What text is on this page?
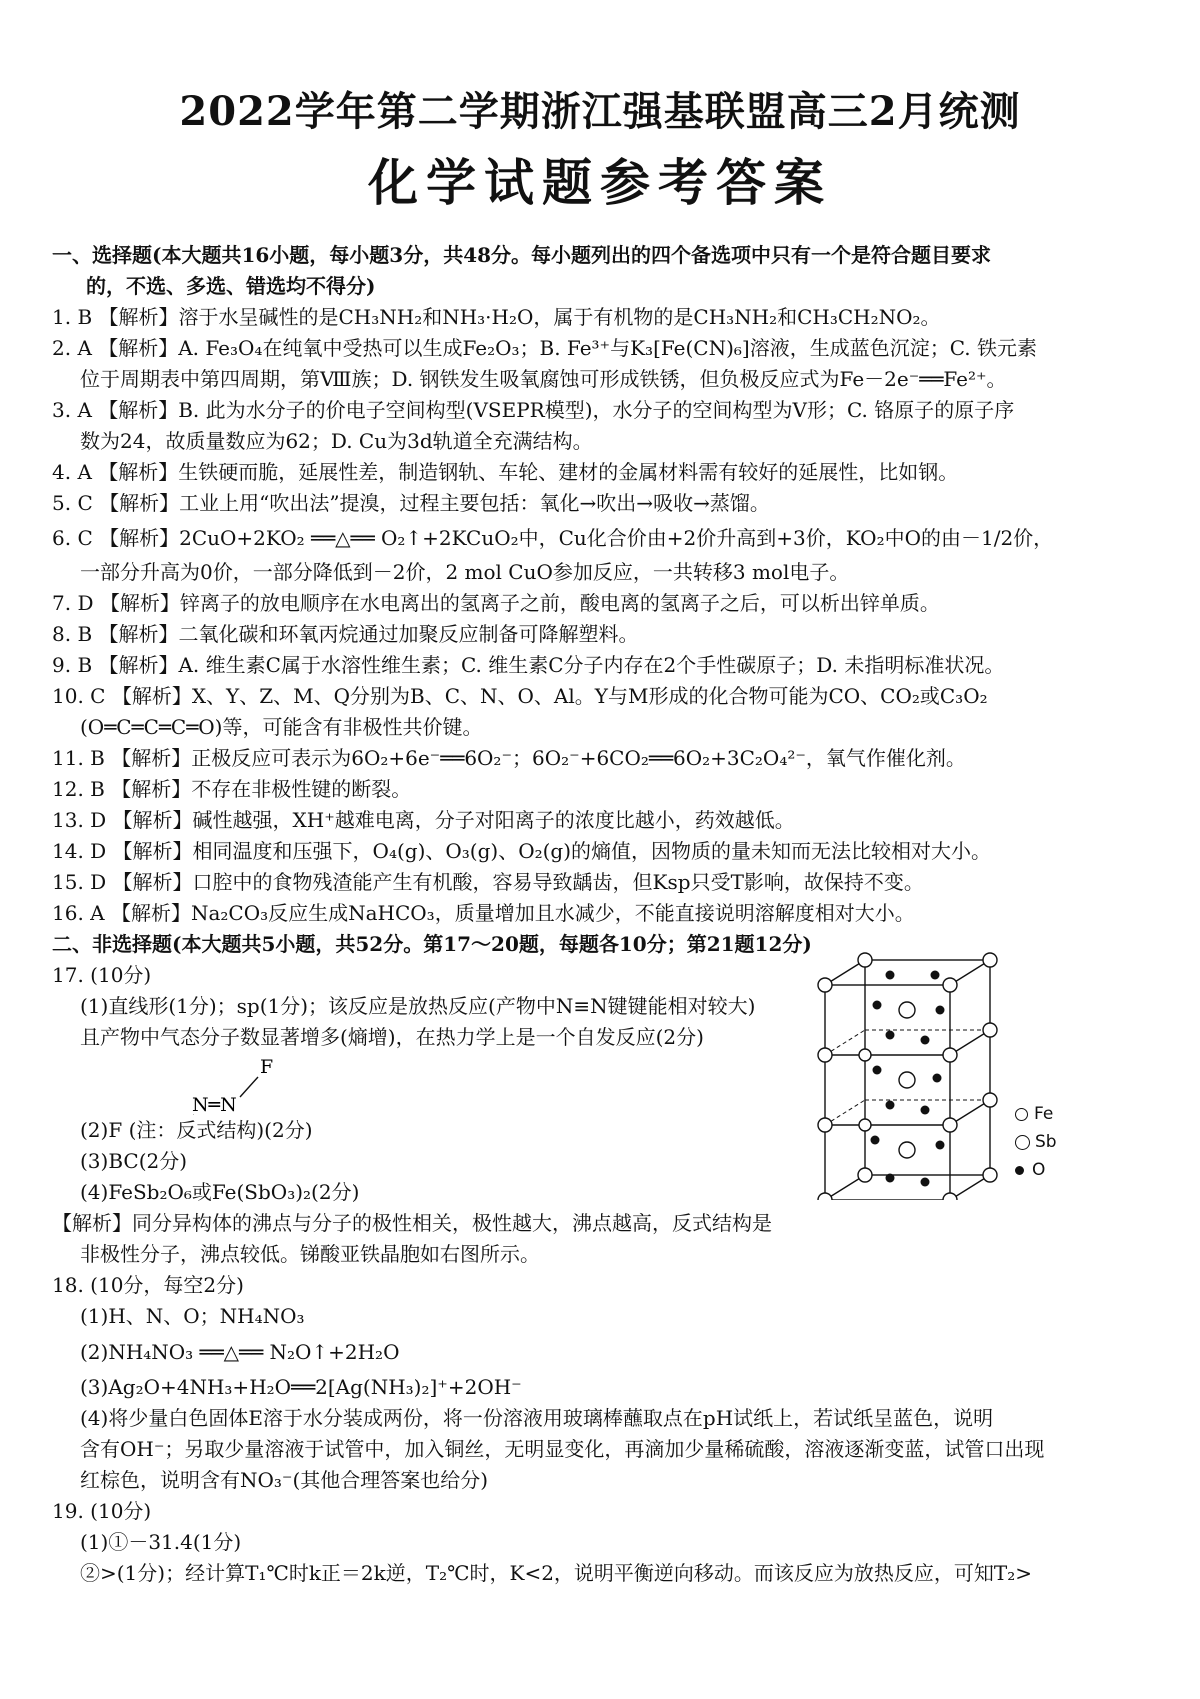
2022学年第二学期浙江强基联盟高三2月统测
化学试题参考答案
一、选择题(本大题共16小题，每小题3分，共48分。每小题列出的四个备选项中只有一个是符合题目要求
的，不选、多选、错选均不得分)
1. B 【解析】溶于水呈碱性的是CH₃NH₂和NH₃·H₂O，属于有机物的是CH₃NH₂和CH₃CH₂NO₂。
2. A 【解析】A. Fe₃O₄在纯氧中受热可以生成Fe₂O₃；B. Fe³⁺与K₃[Fe(CN)₆]溶液，生成蓝色沉淀；C. 铁元素
位于周期表中第四周期，第Ⅷ族；D. 钢铁发生吸氧腐蚀可形成铁锈，但负极反应式为Fe－2e⁻══Fe²⁺。
3. A 【解析】B. 此为水分子的价电子空间构型(VSEPR模型)，水分子的空间构型为V形；C. 铬原子的原子序
数为24，故质量数应为62；D. Cu为3d轨道全充满结构。
4. A 【解析】生铁硬而脆，延展性差，制造钢轨、车轮、建材的金属材料需有较好的延展性，比如钢。
5. C 【解析】工业上用“吹出法”提溴，过程主要包括：氧化→吹出→吸收→蒸馏。
6. C 【解析】2CuO+2KO₂ ══△══ O₂↑+2KCuO₂中，Cu化合价由+2价升高到+3价，KO₂中O的由－1/2价，
一部分升高为0价，一部分降低到－2价，2 mol CuO参加反应，一共转移3 mol电子。
7. D 【解析】锌离子的放电顺序在水电离出的氢离子之前，酸电离的氢离子之后，可以析出锌单质。
8. B 【解析】二氧化碳和环氧丙烷通过加聚反应制备可降解塑料。
9. B 【解析】A. 维生素C属于水溶性维生素；C. 维生素C分子内存在2个手性碳原子；D. 未指明标准状况。
10. C 【解析】X、Y、Z、M、Q分别为B、C、N、O、Al。Y与M形成的化合物可能为CO、CO₂或C₃O₂
(O═C═C═C═O)等，可能含有非极性共价键。
11. B 【解析】正极反应可表示为6O₂+6e⁻══6O₂⁻；6O₂⁻+6CO₂══6O₂+3C₂O₄²⁻，氧气作催化剂。
12. B 【解析】不存在非极性键的断裂。
13. D 【解析】碱性越强，XH⁺越难电离，分子对阳离子的浓度比越小，药效越低。
14. D 【解析】相同温度和压强下，O₄(g)、O₃(g)、O₂(g)的熵值，因物质的量未知而无法比较相对大小。
15. D 【解析】口腔中的食物残渣能产生有机酸，容易导致龋齿，但Ksp只受T影响，故保持不变。
16. A 【解析】Na₂CO₃反应生成NaHCO₃，质量增加且水减少，不能直接说明溶解度相对大小。
二、非选择题(本大题共5小题，共52分。第17～20题，每题各10分；第21题12分)
17. (10分)
(1)直线形(1分)；sp(1分)；该反应是放热反应(产物中N≡N键键能相对较大)
且产物中气态分子数显著增多(熵增)，在热力学上是一个自发反应(2分)
F
N═N
(2)F (注：反式结构)(2分)
(3)BC(2分)
(4)FeSb₂O₆或Fe(SbO₃)₂(2分)
【解析】同分异构体的沸点与分子的极性相关，极性越大，沸点越高，反式结构是
非极性分子，沸点较低。锑酸亚铁晶胞如右图所示。
18. (10分，每空2分)
(1)H、N、O；NH₄NO₃
(2)NH₄NO₃ ══△══ N₂O↑+2H₂O
(3)Ag₂O+4NH₃+H₂O══2[Ag(NH₃)₂]⁺+2OH⁻
(4)将少量白色固体E溶于水分装成两份，将一份溶液用玻璃棒蘸取点在pH试纸上，若试纸呈蓝色，说明
含有OH⁻；另取少量溶液于试管中，加入铜丝，无明显变化，再滴加少量稀硫酸，溶液逐渐变蓝，试管口出现
红棕色，说明含有NO₃⁻(其他合理答案也给分)
19. (10分)
(1)①－31.4(1分)
②>(1分)；经计算T₁℃时k正＝2k逆，T₂℃时，K<2，说明平衡逆向移动。而该反应为放热反应，可知T₂>
Fe
Sb
O
